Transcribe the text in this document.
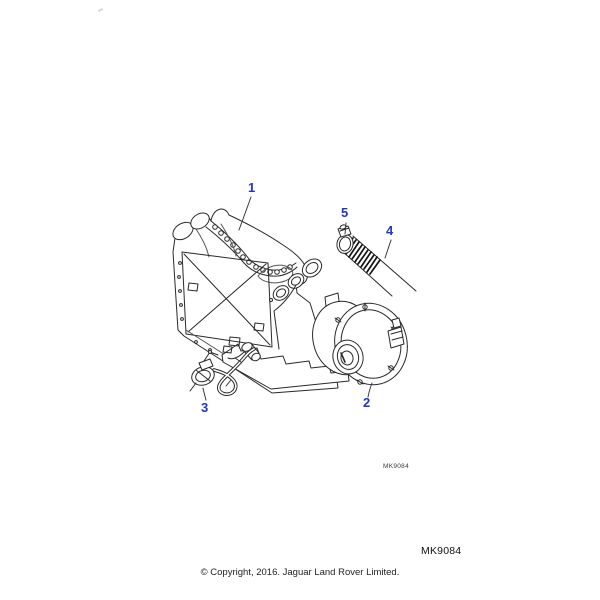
1
2
3
4
5
MK9084
MK9084
© Copyright, 2016. Jaguar Land Rover Limited.
